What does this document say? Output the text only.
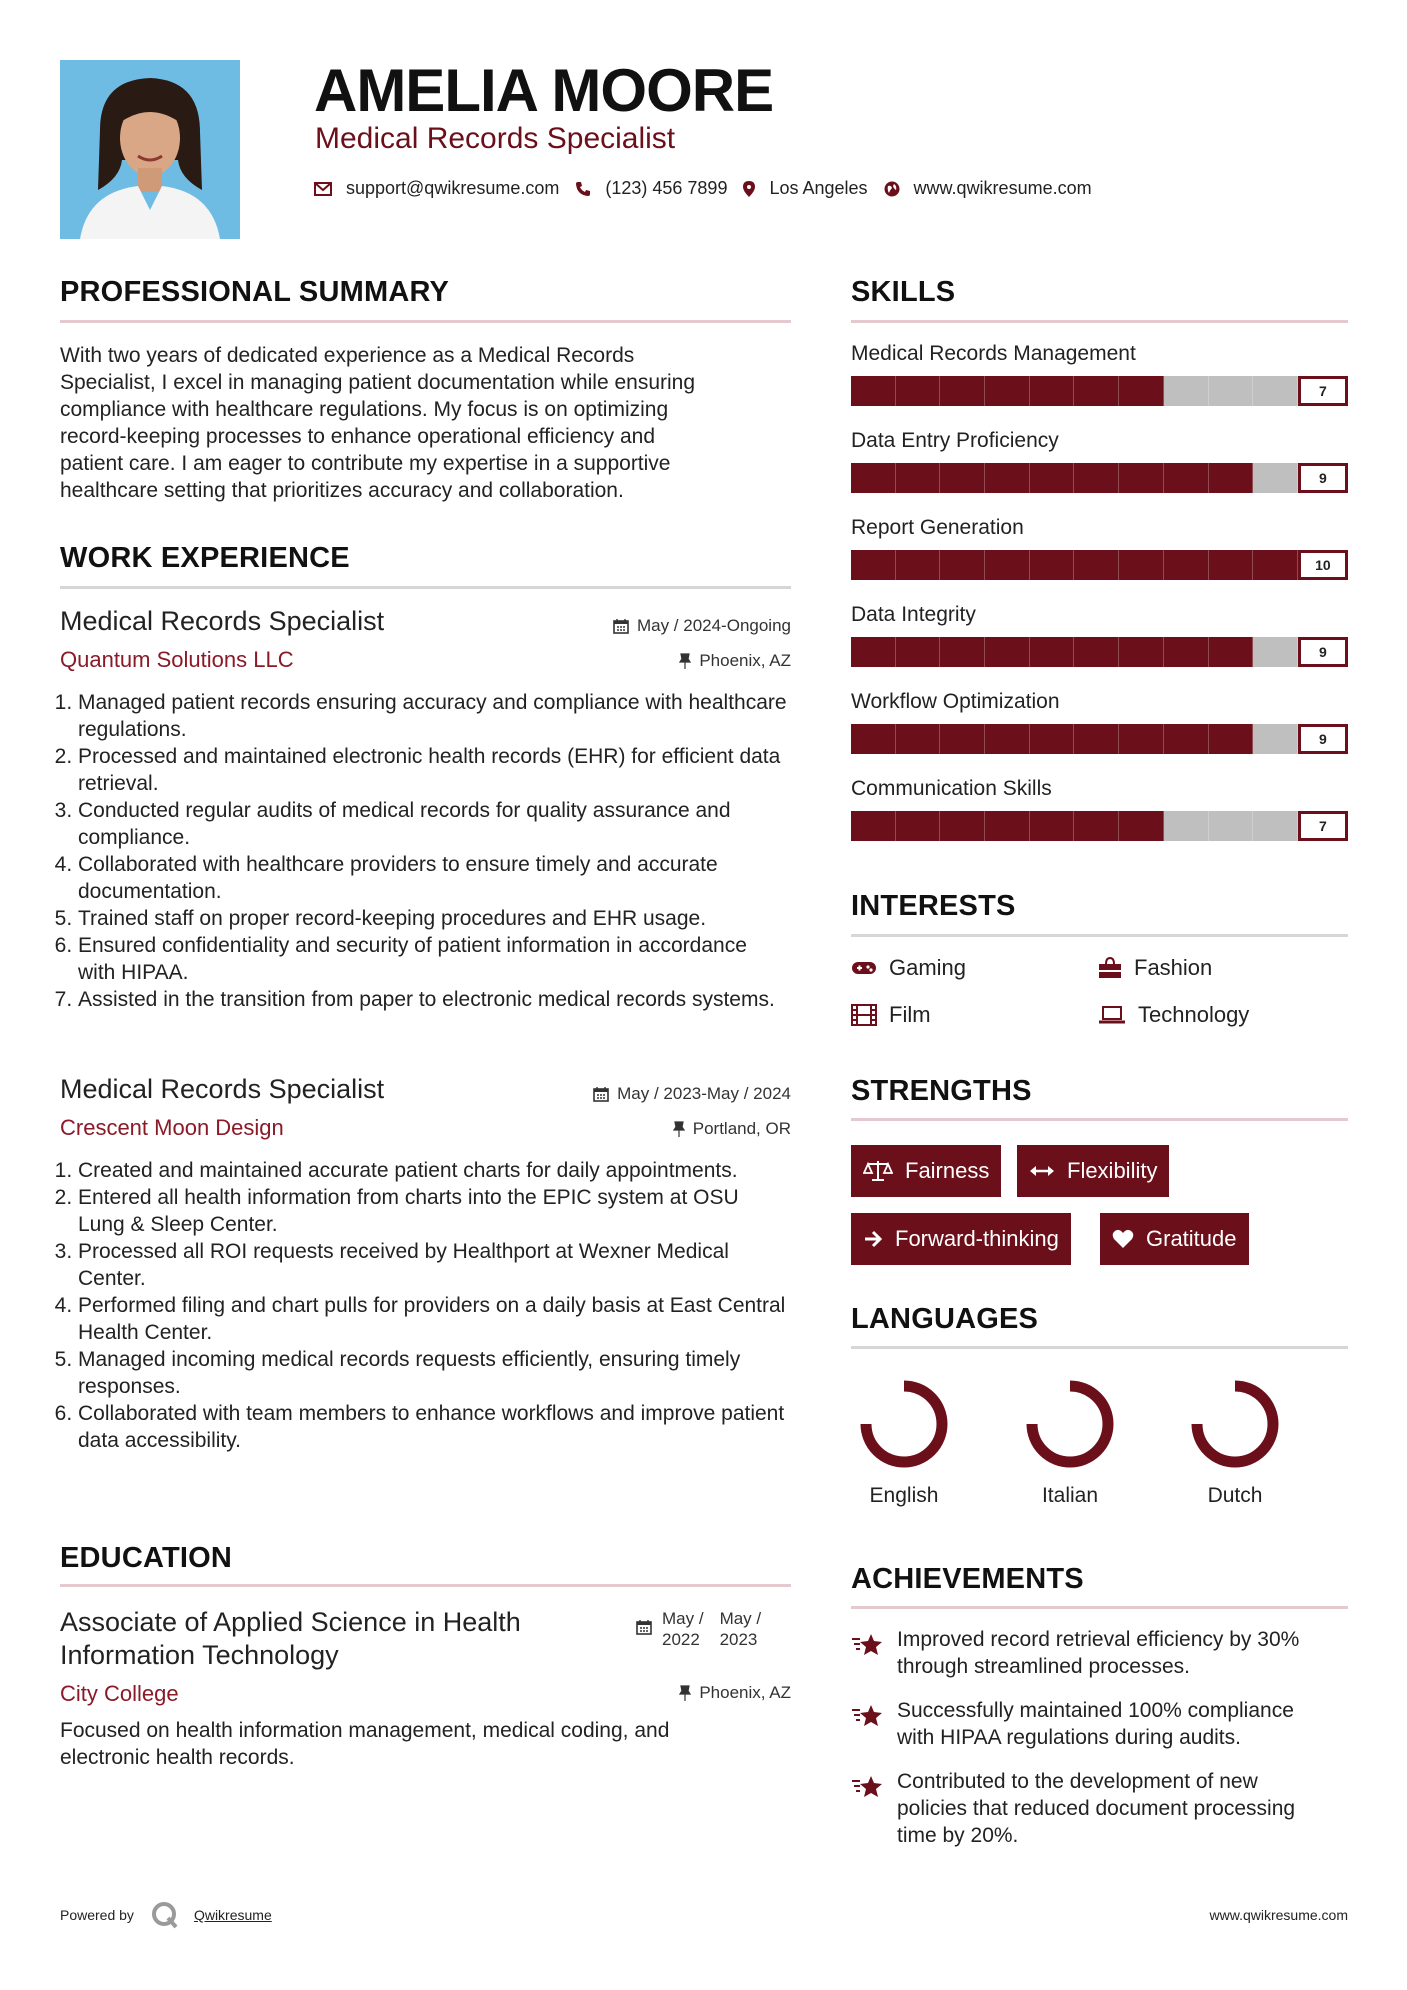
AMELIA MOORE
Medical Records Specialist
support@qwikresume.com	(123) 456 7899 Los Angeles	www.qwikresume.com
PROFESSIONAL SUMMARY
With two years of dedicated experience as a Medical Records
Specialist, I excel in managing patient documentation while ensuring
compliance with healthcare regulations. My focus is on optimizing
record-keeping processes to enhance operational efficiency and
patient care. I am eager to contribute my expertise in a supportive
healthcare setting that prioritizes accuracy and collaboration.
WORK EXPERIENCE
Medical Records Specialist	May / 2024-Ongoing
Quantum Solutions LLC	Phoenix, AZ
1. Managed patient records ensuring accuracy and compliance with healthcare regulations.
2. Processed and maintained electronic health records (EHR) for efficient data retrieval.
3. Conducted regular audits of medical records for quality assurance and compliance.
4. Collaborated with healthcare providers to ensure timely and accurate documentation.
5. Trained staff on proper record-keeping procedures and EHR usage.
6. Ensured confidentiality and security of patient information in accordance with HIPAA.
7. Assisted in the transition from paper to electronic medical records systems.
Medical Records Specialist	May / 2023-May / 2024
Crescent Moon Design	Portland, OR
1. Created and maintained accurate patient charts for daily appointments.
2. Entered all health information from charts into the EPIC system at OSU Lung & Sleep Center.
3. Processed all ROI requests received by Healthport at Wexner Medical Center.
4. Performed filing and chart pulls for providers on a daily basis at East Central Health Center.
5. Managed incoming medical records requests efficiently, ensuring timely responses.
6. Collaborated with team members to enhance workflows and improve patient data accessibility.
EDUCATION
Associate of Applied Science in Health
Information Technology
May /
2022
May /
2023
City College	Phoenix, AZ
Focused on health information management, medical coding, and
electronic health records.
SKILLS
Medical Records Management
7
Data Entry Proficiency
9
Report Generation
10
Data Integrity
9
Workflow Optimization
9
Communication Skills
7
INTERESTS
Gaming	Fashion
Film	Technology
STRENGTHS
Fairness	Flexibility
Forward-thinking	Gratitude
LANGUAGES
English	Italian	Dutch
ACHIEVEMENTS
Improved record retrieval efficiency by 30%
through streamlined processes.
Successfully maintained 100% compliance
with HIPAA regulations during audits.
Contributed to the development of new
policies that reduced document processing
time by 20%.
Powered by	Qwikresume	www.qwikresume.com
